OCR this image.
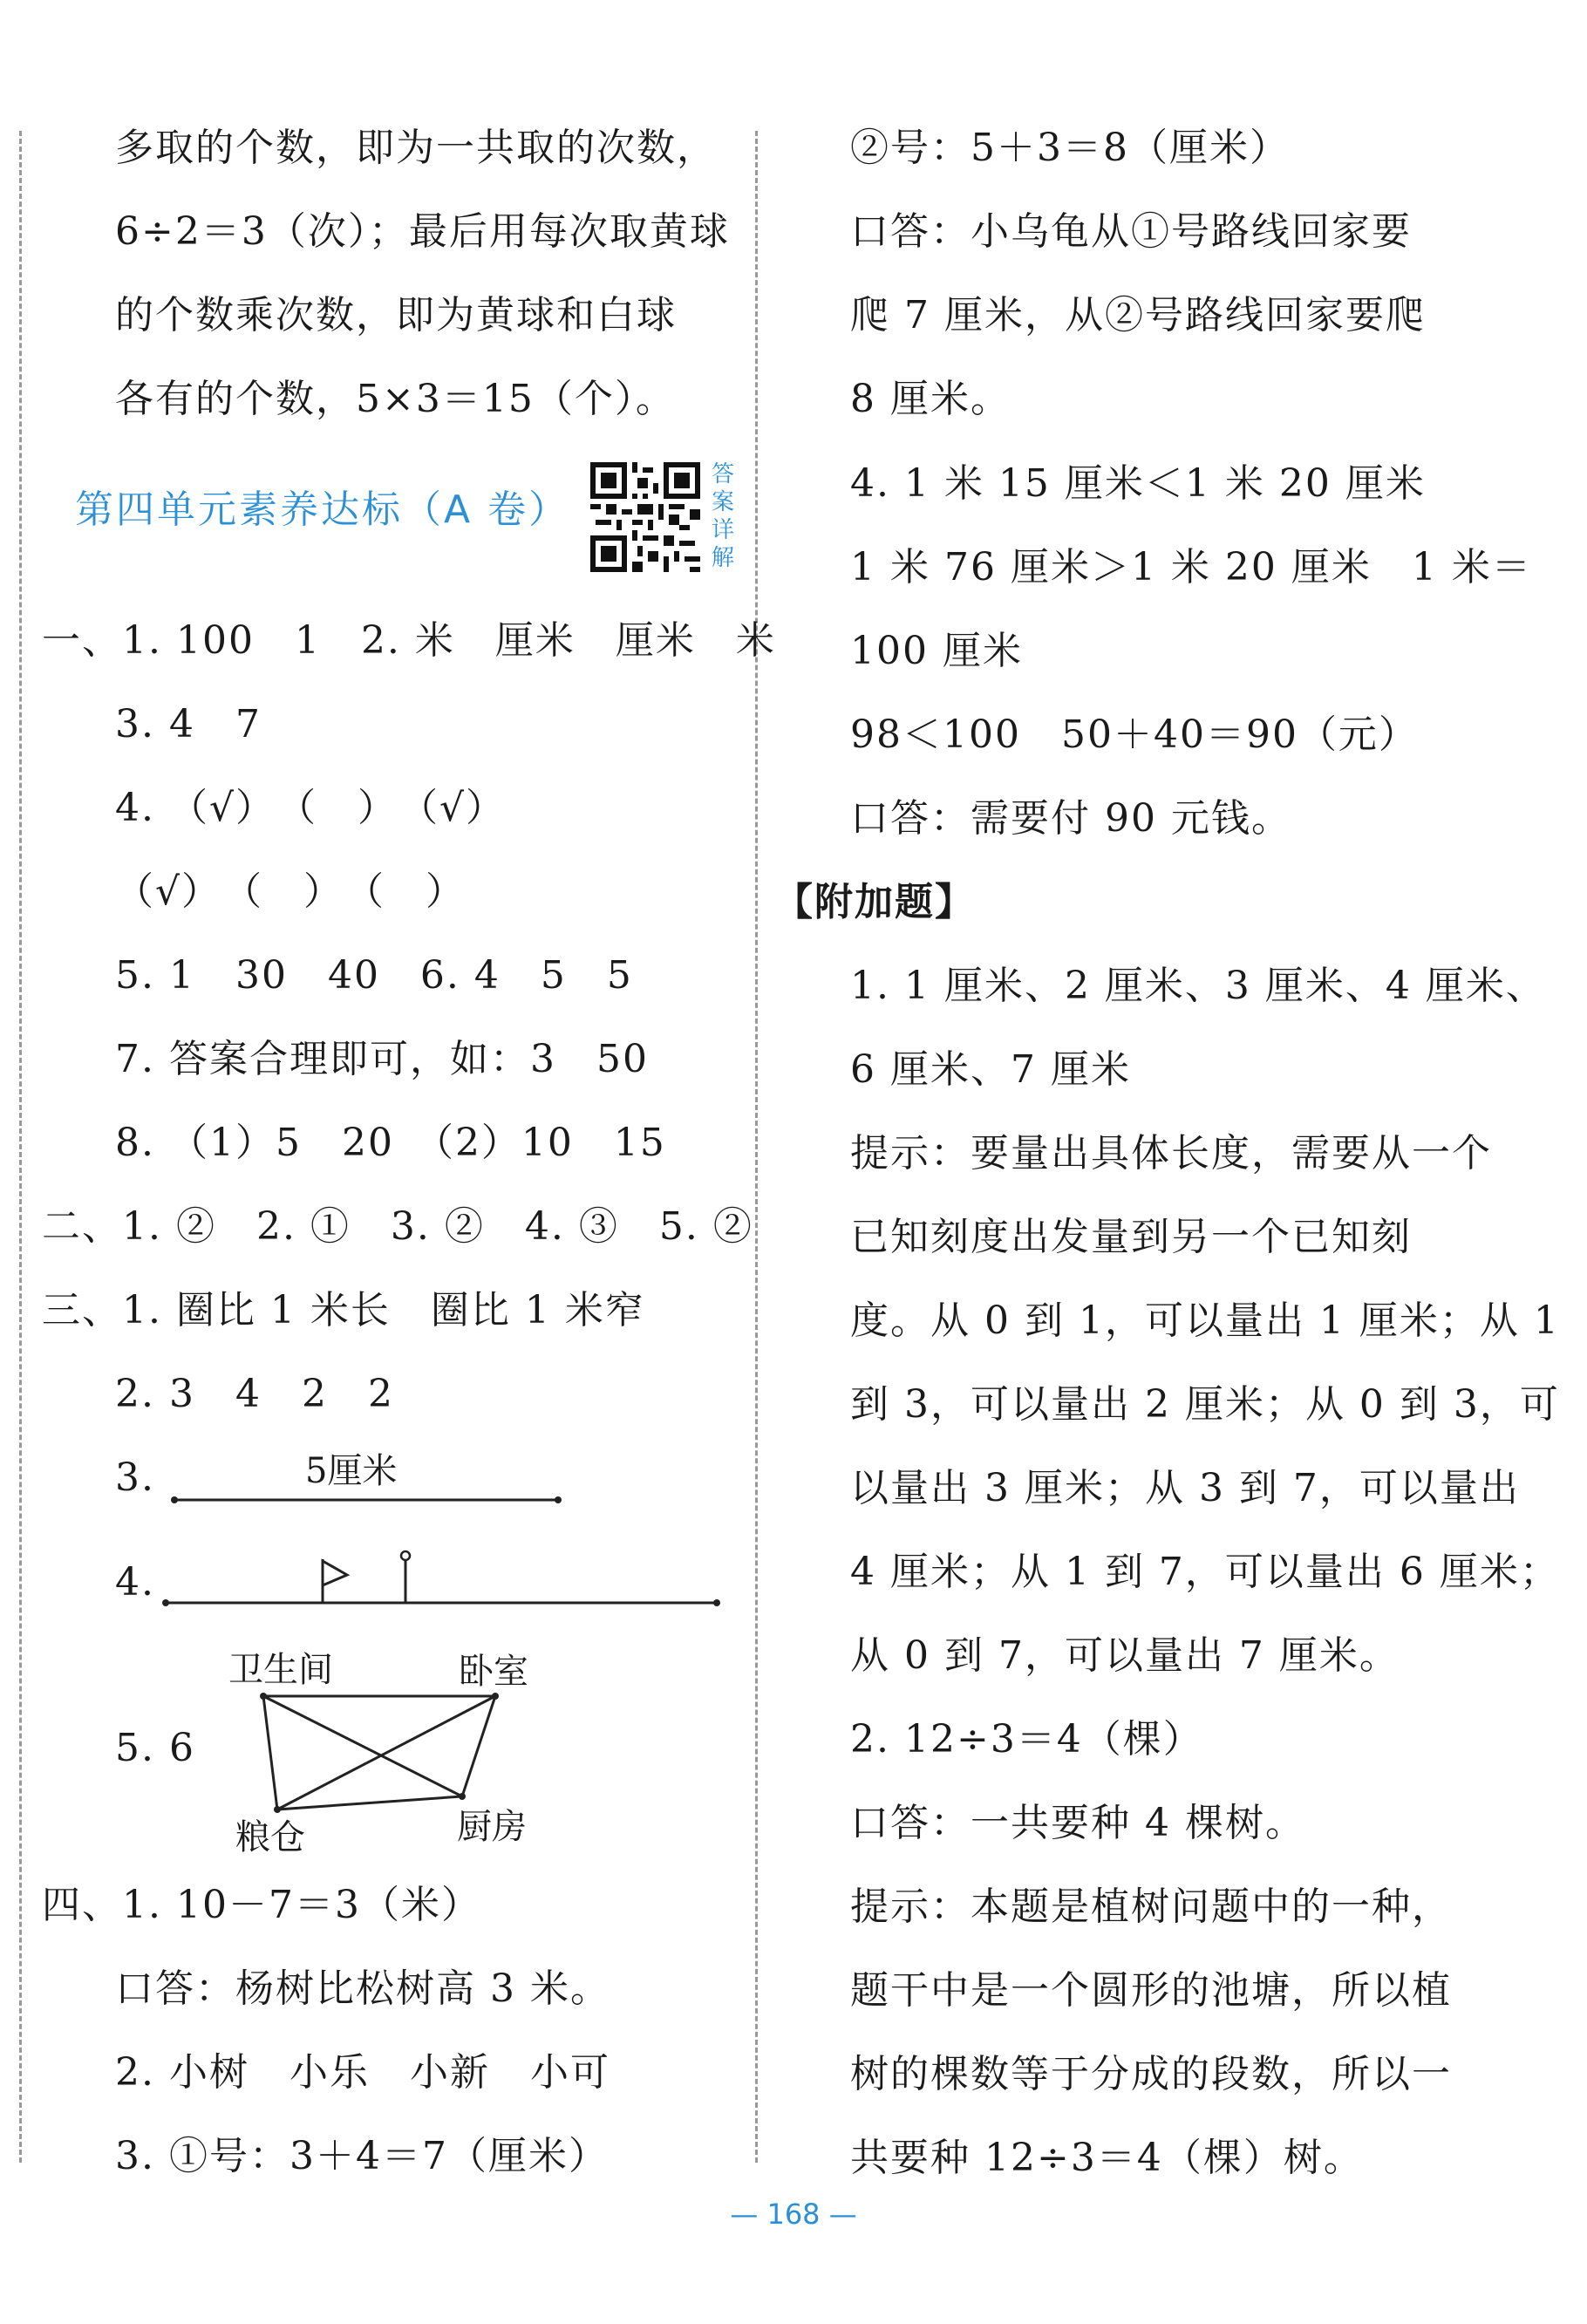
多取的个数，即为一共取的次数，
6÷2＝3（次）；最后用每次取黄球
的个数乘次数，即为黄球和白球
各有的个数，5×3＝15（个）。
第四单元素养达标（A 卷）
答案详解
一、1. 100　1　2. 米　厘米　厘米　米
3. 4　7
4. （√）　（　）　（√）
（√）　（　）　（　）
5. 1　30　40　6. 4　5　5
7. 答案合理即可，如：3　50
8. （1）5　20　（2）10　15
二、1. ②　2. ①　3. ②　4. ③　5. ②
三、1. 圈比 1 米长　圈比 1 米窄
2. 3　4　2　2
3.
4.
5. 6
四、1. 10－7＝3（米）
口答：杨树比松树高 3 米。
2. 小树　小乐　小新　小可
3. ①号：3＋4＝7（厘米）
5厘米
卫生间	卧室
粮仓	厨房
②号：5＋3＝8（厘米）
口答：小乌龟从①号路线回家要
爬 7 厘米，从②号路线回家要爬
8 厘米。
4. 1 米 15 厘米＜1 米 20 厘米
1 米 76 厘米＞1 米 20 厘米　1 米＝
100 厘米
98＜100　50＋40＝90（元）
口答：需要付 90 元钱。
【附加题】
1. 1 厘米、2 厘米、3 厘米、4 厘米、
6 厘米、7 厘米
提示：要量出具体长度，需要从一个
已知刻度出发量到另一个已知刻
度。从 0 到 1，可以量出 1 厘米；从 1
到 3，可以量出 2 厘米；从 0 到 3，可
以量出 3 厘米；从 3 到 7，可以量出
4 厘米；从 1 到 7，可以量出 6 厘米；
从 0 到 7，可以量出 7 厘米。
2. 12÷3＝4（棵）
口答：一共要种 4 棵树。
提示：本题是植树问题中的一种，
题干中是一个圆形的池塘，所以植
树的棵数等于分成的段数，所以一
共要种 12÷3＝4（棵）树。
— 168 —
